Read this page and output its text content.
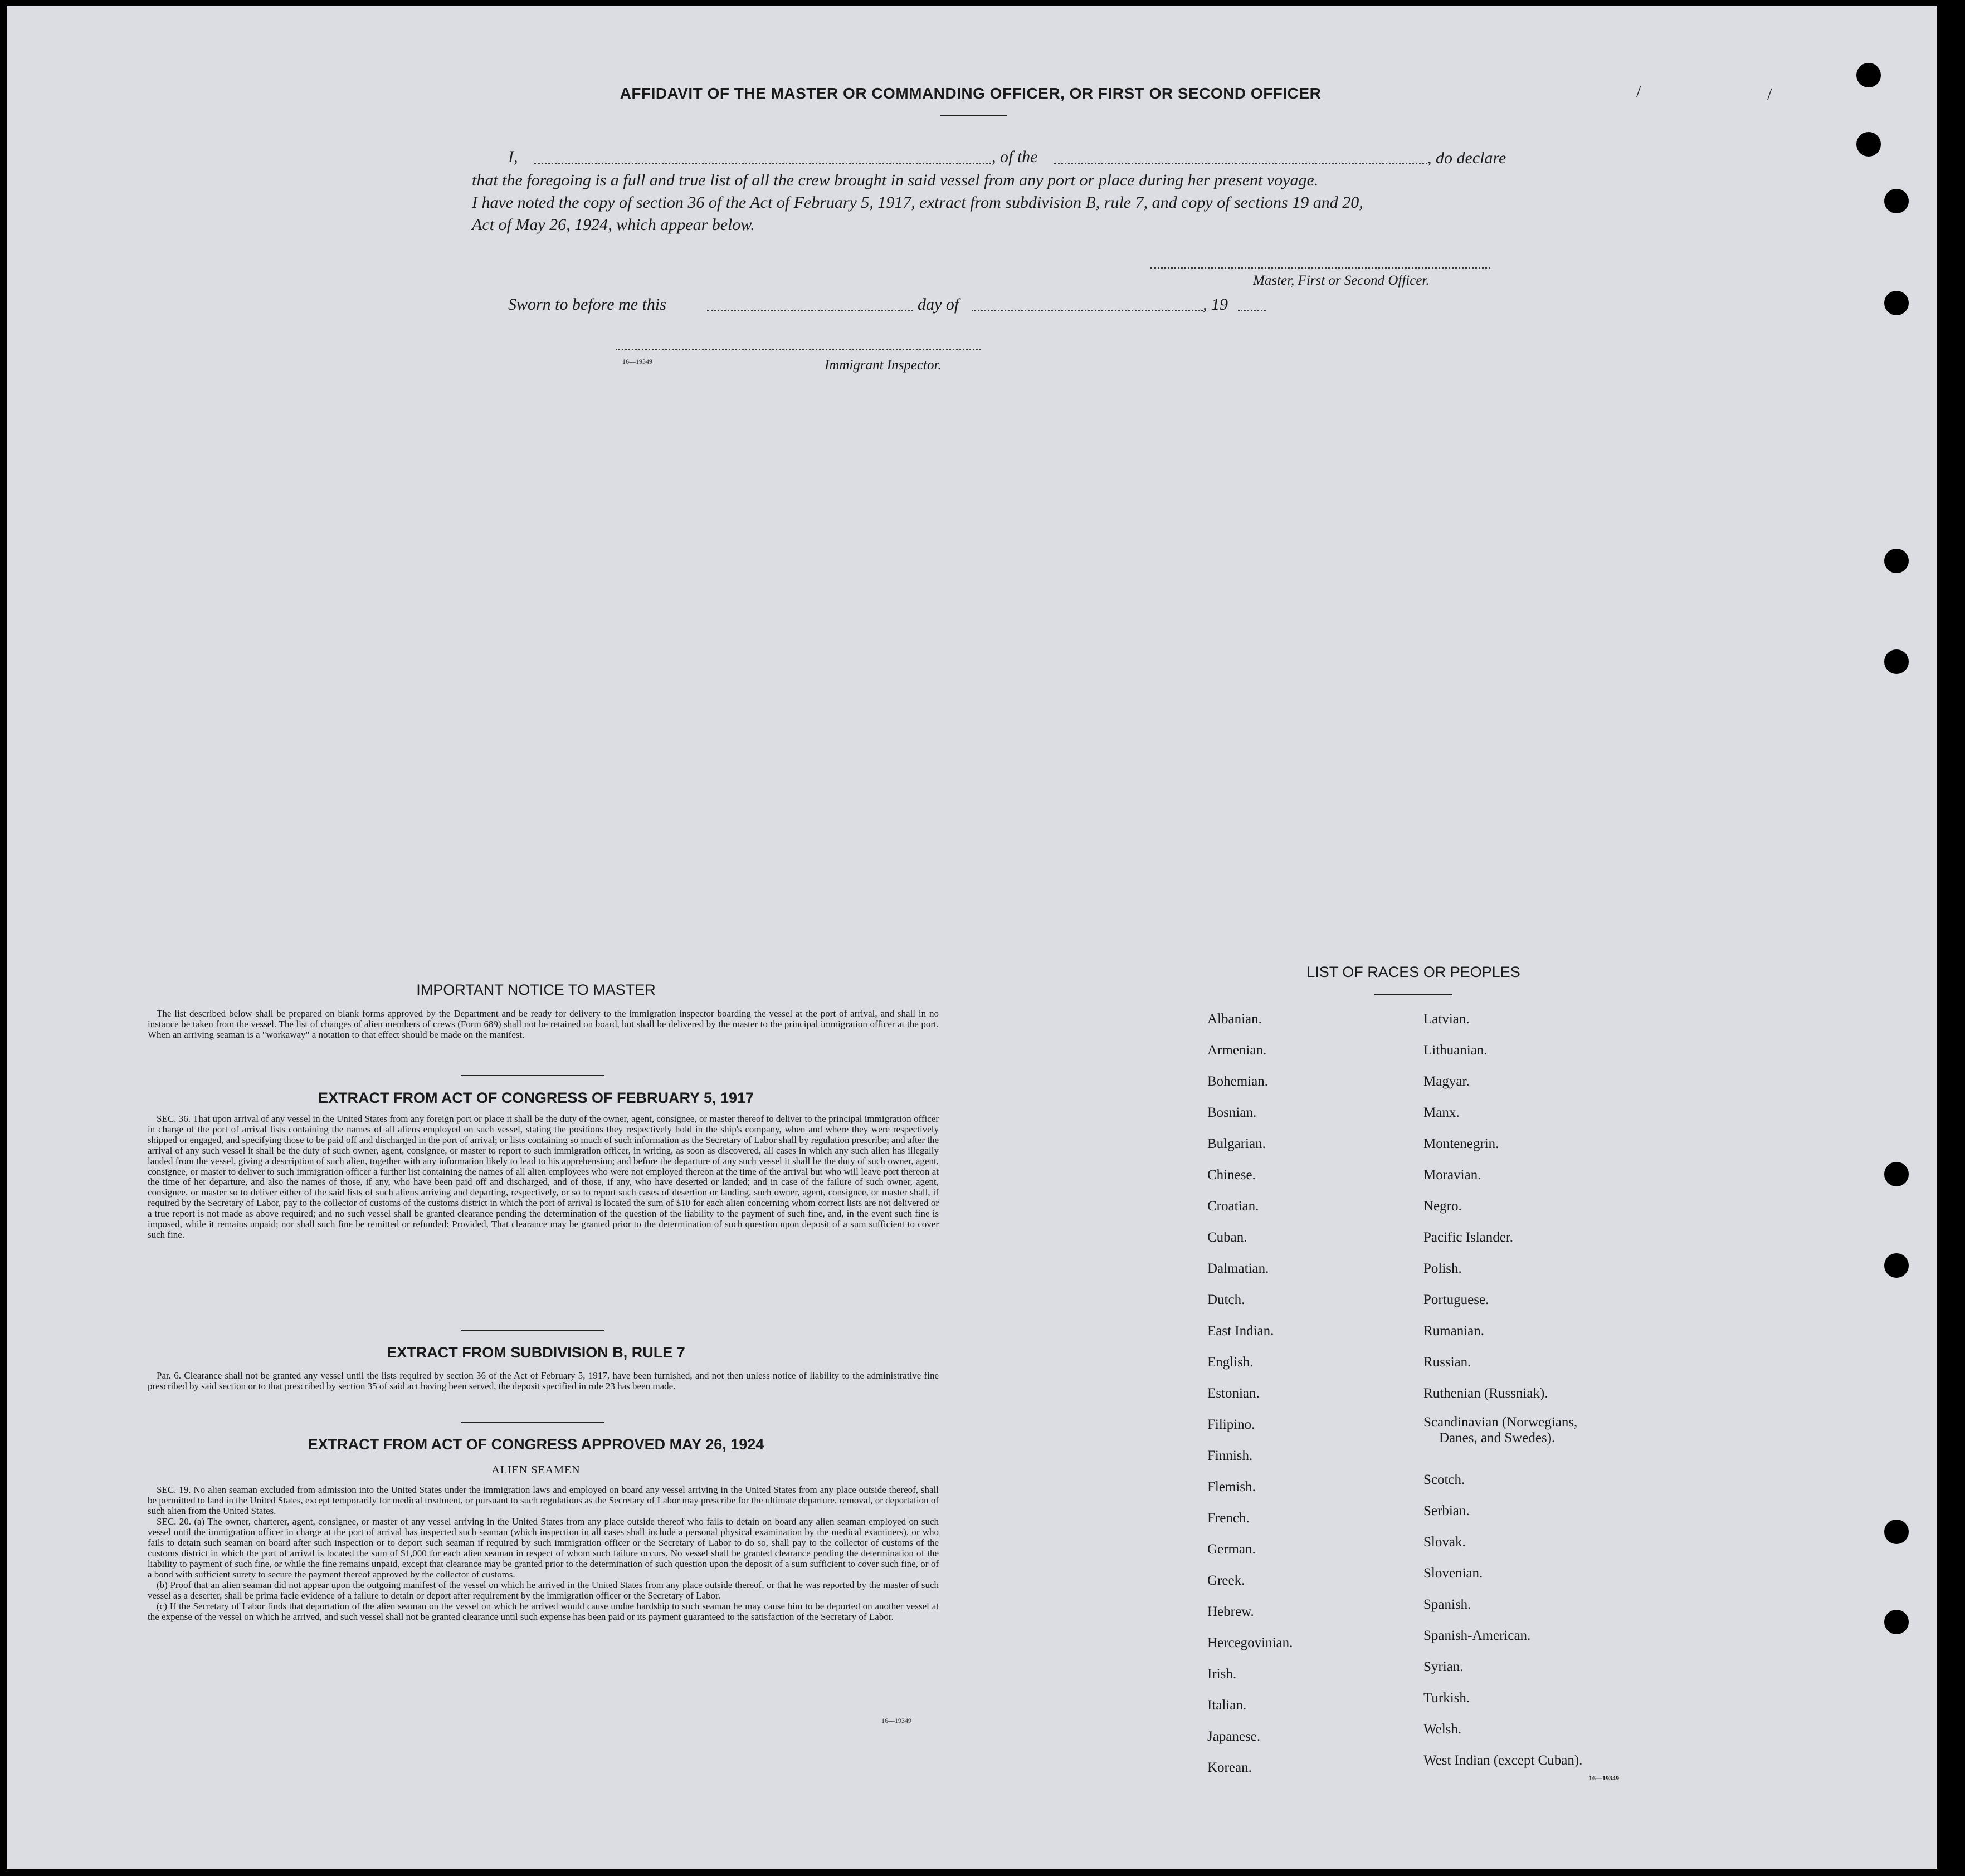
AFFIDAVIT OF THE MASTER OR COMMANDING OFFICER, OR FIRST OR SECOND OFFICER	/	/
I,	, of the	, do declare
that the foregoing is a full and true list of all the crew brought in said vessel from any port or place during her present voyage.
I have noted the copy of section 36 of the Act of February 5, 1917, extract from subdivision B, rule 7, and copy of sections 19 and 20,
Act of May 26, 1924, which appear below.
Master, First or Second Officer.
Sworn to before me this	day of	, 19
16—19349	Immigrant Inspector.
IMPORTANT NOTICE TO MASTER
The list described below shall be prepared on blank forms approved by the Department and be ready for delivery to the immigration inspector boarding the vessel at the port of arrival, and shall in no instance be taken from the vessel. The list of changes of alien members of crews (Form 689) shall not be retained on board, but shall be delivered by the master to the principal immigration officer at the port. When an arriving seaman is a "workaway" a notation to that effect should be made on the manifest.
EXTRACT FROM ACT OF CONGRESS OF FEBRUARY 5, 1917
SEC. 36. That upon arrival of any vessel in the United States from any foreign port or place it shall be the duty of the owner, agent, consignee, or master thereof to deliver to the principal immigration officer in charge of the port of arrival lists containing the names of all aliens employed on such vessel, stating the positions they respectively hold in the ship's company, when and where they were respectively shipped or engaged, and specifying those to be paid off and discharged in the port of arrival; or lists containing so much of such information as the Secretary of Labor shall by regulation prescribe; and after the arrival of any such vessel it shall be the duty of such owner, agent, consignee, or master to report to such immigration officer, in writing, as soon as discovered, all cases in which any such alien has illegally landed from the vessel, giving a description of such alien, together with any information likely to lead to his apprehension; and before the departure of any such vessel it shall be the duty of such owner, agent, consignee, or master to deliver to such immigration officer a further list containing the names of all alien employees who were not employed thereon at the time of the arrival but who will leave port thereon at the time of her departure, and also the names of those, if any, who have been paid off and discharged, and of those, if any, who have deserted or landed; and in case of the failure of such owner, agent, consignee, or master so to deliver either of the said lists of such aliens arriving and departing, respectively, or so to report such cases of desertion or landing, such owner, agent, consignee, or master shall, if required by the Secretary of Labor, pay to the collector of customs of the customs district in which the port of arrival is located the sum of $10 for each alien concerning whom correct lists are not delivered or a true report is not made as above required; and no such vessel shall be granted clearance pending the determination of the question of the liability to the payment of such fine, and, in the event such fine is imposed, while it remains unpaid; nor shall such fine be remitted or refunded: Provided, That clearance may be granted prior to the determination of such question upon deposit of a sum sufficient to cover such fine.
EXTRACT FROM SUBDIVISION B, RULE 7
Par. 6. Clearance shall not be granted any vessel until the lists required by section 36 of the Act of February 5, 1917, have been furnished, and not then unless notice of liability to the administrative fine prescribed by said section or to that prescribed by section 35 of said act having been served, the deposit specified in rule 23 has been made.
EXTRACT FROM ACT OF CONGRESS APPROVED MAY 26, 1924
ALIEN SEAMEN
SEC. 19. No alien seaman excluded from admission into the United States under the immigration laws and employed on board any vessel arriving in the United States from any place outside thereof, shall be permitted to land in the United States, except temporarily for medical treatment, or pursuant to such regulations as the Secretary of Labor may prescribe for the ultimate departure, removal, or deportation of such alien from the United States.
SEC. 20. (a) The owner, charterer, agent, consignee, or master of any vessel arriving in the United States from any place outside thereof who fails to detain on board any alien seaman employed on such vessel until the immigration officer in charge at the port of arrival has inspected such seaman (which inspection in all cases shall include a personal physical examination by the medical examiners), or who fails to detain such seaman on board after such inspection or to deport such seaman if required by such immigration officer or the Secretary of Labor to do so, shall pay to the collector of customs of the customs district in which the port of arrival is located the sum of $1,000 for each alien seaman in respect of whom such failure occurs. No vessel shall be granted clearance pending the determination of the liability to payment of such fine, or while the fine remains unpaid, except that clearance may be granted prior to the determination of such question upon the deposit of a sum sufficient to cover such fine, or of a bond with sufficient surety to secure the payment thereof approved by the collector of customs.
(b) Proof that an alien seaman did not appear upon the outgoing manifest of the vessel on which he arrived in the United States from any place outside thereof, or that he was reported by the master of such vessel as a deserter, shall be prima facie evidence of a failure to detain or deport after requirement by the immigration officer or the Secretary of Labor.
(c) If the Secretary of Labor finds that deportation of the alien seaman on the vessel on which he arrived would cause undue hardship to such seaman he may cause him to be deported on another vessel at the expense of the vessel on which he arrived, and such vessel shall not be granted clearance until such expense has been paid or its payment guaranteed to the satisfaction of the Secretary of Labor.
16—19349
LIST OF RACES OR PEOPLES
Albanian.
Armenian.
Bohemian.
Bosnian.
Bulgarian.
Chinese.
Croatian.
Cuban.
Dalmatian.
Dutch.
East Indian.
English.
Estonian.
Filipino.
Finnish.
Flemish.
French.
German.
Greek.
Hebrew.
Hercegovinian.
Irish.
Italian.
Japanese.
Korean.
Latvian.
Lithuanian.
Magyar.
Manx.
Montenegrin.
Moravian.
Negro.
Pacific Islander.
Polish.
Portuguese.
Rumanian.
Russian.
Ruthenian (Russniak).
Scandinavian (Norwegians,
Danes, and Swedes).
Scotch.
Serbian.
Slovak.
Slovenian.
Spanish.
Spanish-American.
Syrian.
Turkish.
Welsh.
West Indian (except Cuban).
16—19349
